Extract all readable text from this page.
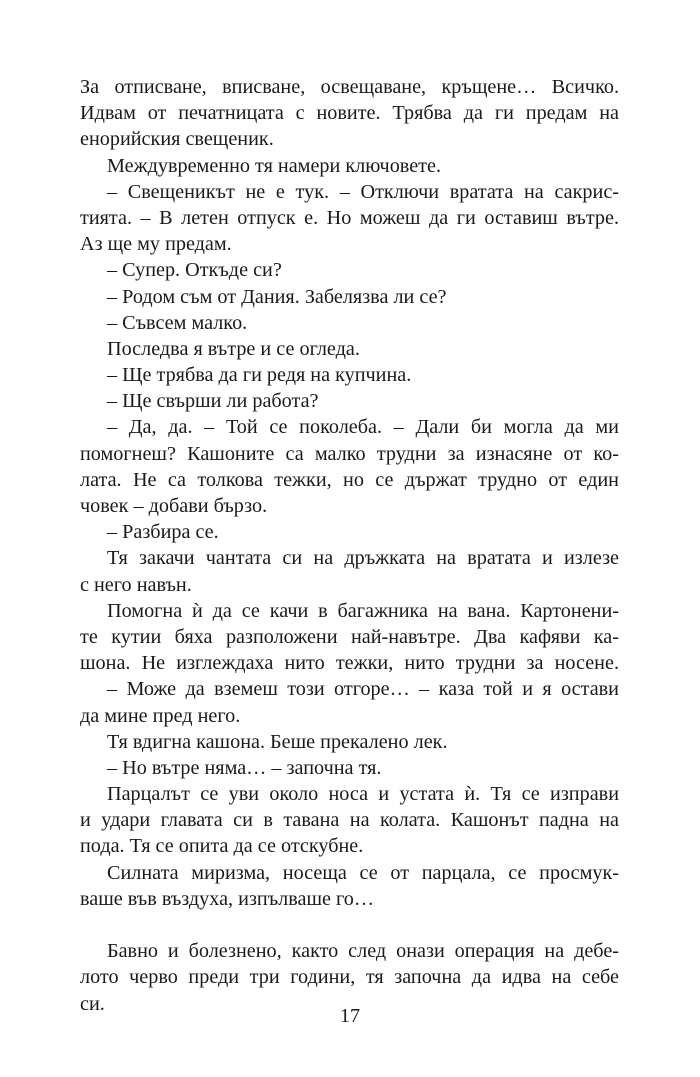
За отписване, вписване, освещаване, кръщене… Всичко.
Идвам от печатницата с новите. Трябва да ги предам на
енорийския свещеник.
Междувременно тя намери ключовете.
– Свещеникът не е тук. – Отключи вратата на сакрис-
тията. – В летен отпуск е. Но можеш да ги оставиш вътре.
Аз ще му предам.
– Супер. Откъде си?
– Родом съм от Дания. Забелязва ли се?
– Съвсем малко.
Последва я вътре и се огледа.
– Ще трябва да ги редя на купчина.
– Ще свърши ли работа?
– Да, да. – Той се поколеба. – Дали би могла да ми
помогнеш? Кашоните са малко трудни за изнасяне от ко-
лата. Не са толкова тежки, но се държат трудно от един
човек – добави бързо.
– Разбира се.
Тя закачи чантата си на дръжката на вратата и излезе
с него навън.
Помогна ѝ да се качи в багажника на вана. Картонени-
те кутии бяха разположени най-навътре. Два кафяви ка-
шона. Не изглеждаха нито тежки, нито трудни за носене.
– Може да вземеш този отгоре… – каза той и я остави
да мине пред него.
Тя вдигна кашона. Беше прекалено лек.
– Но вътре няма… – започна тя.
Парцалът се уви около носа и устата ѝ. Тя се изправи
и удари главата си в тавана на колата. Кашонът падна на
пода. Тя се опита да се отскубне.
Силната миризма, носеща се от парцала, се просмук-
ваше във въздуха, изпълваше го…
Бавно и болезнено, както след онази операция на дебе-
лото черво преди три години, тя започна да идва на себе
си.
17
